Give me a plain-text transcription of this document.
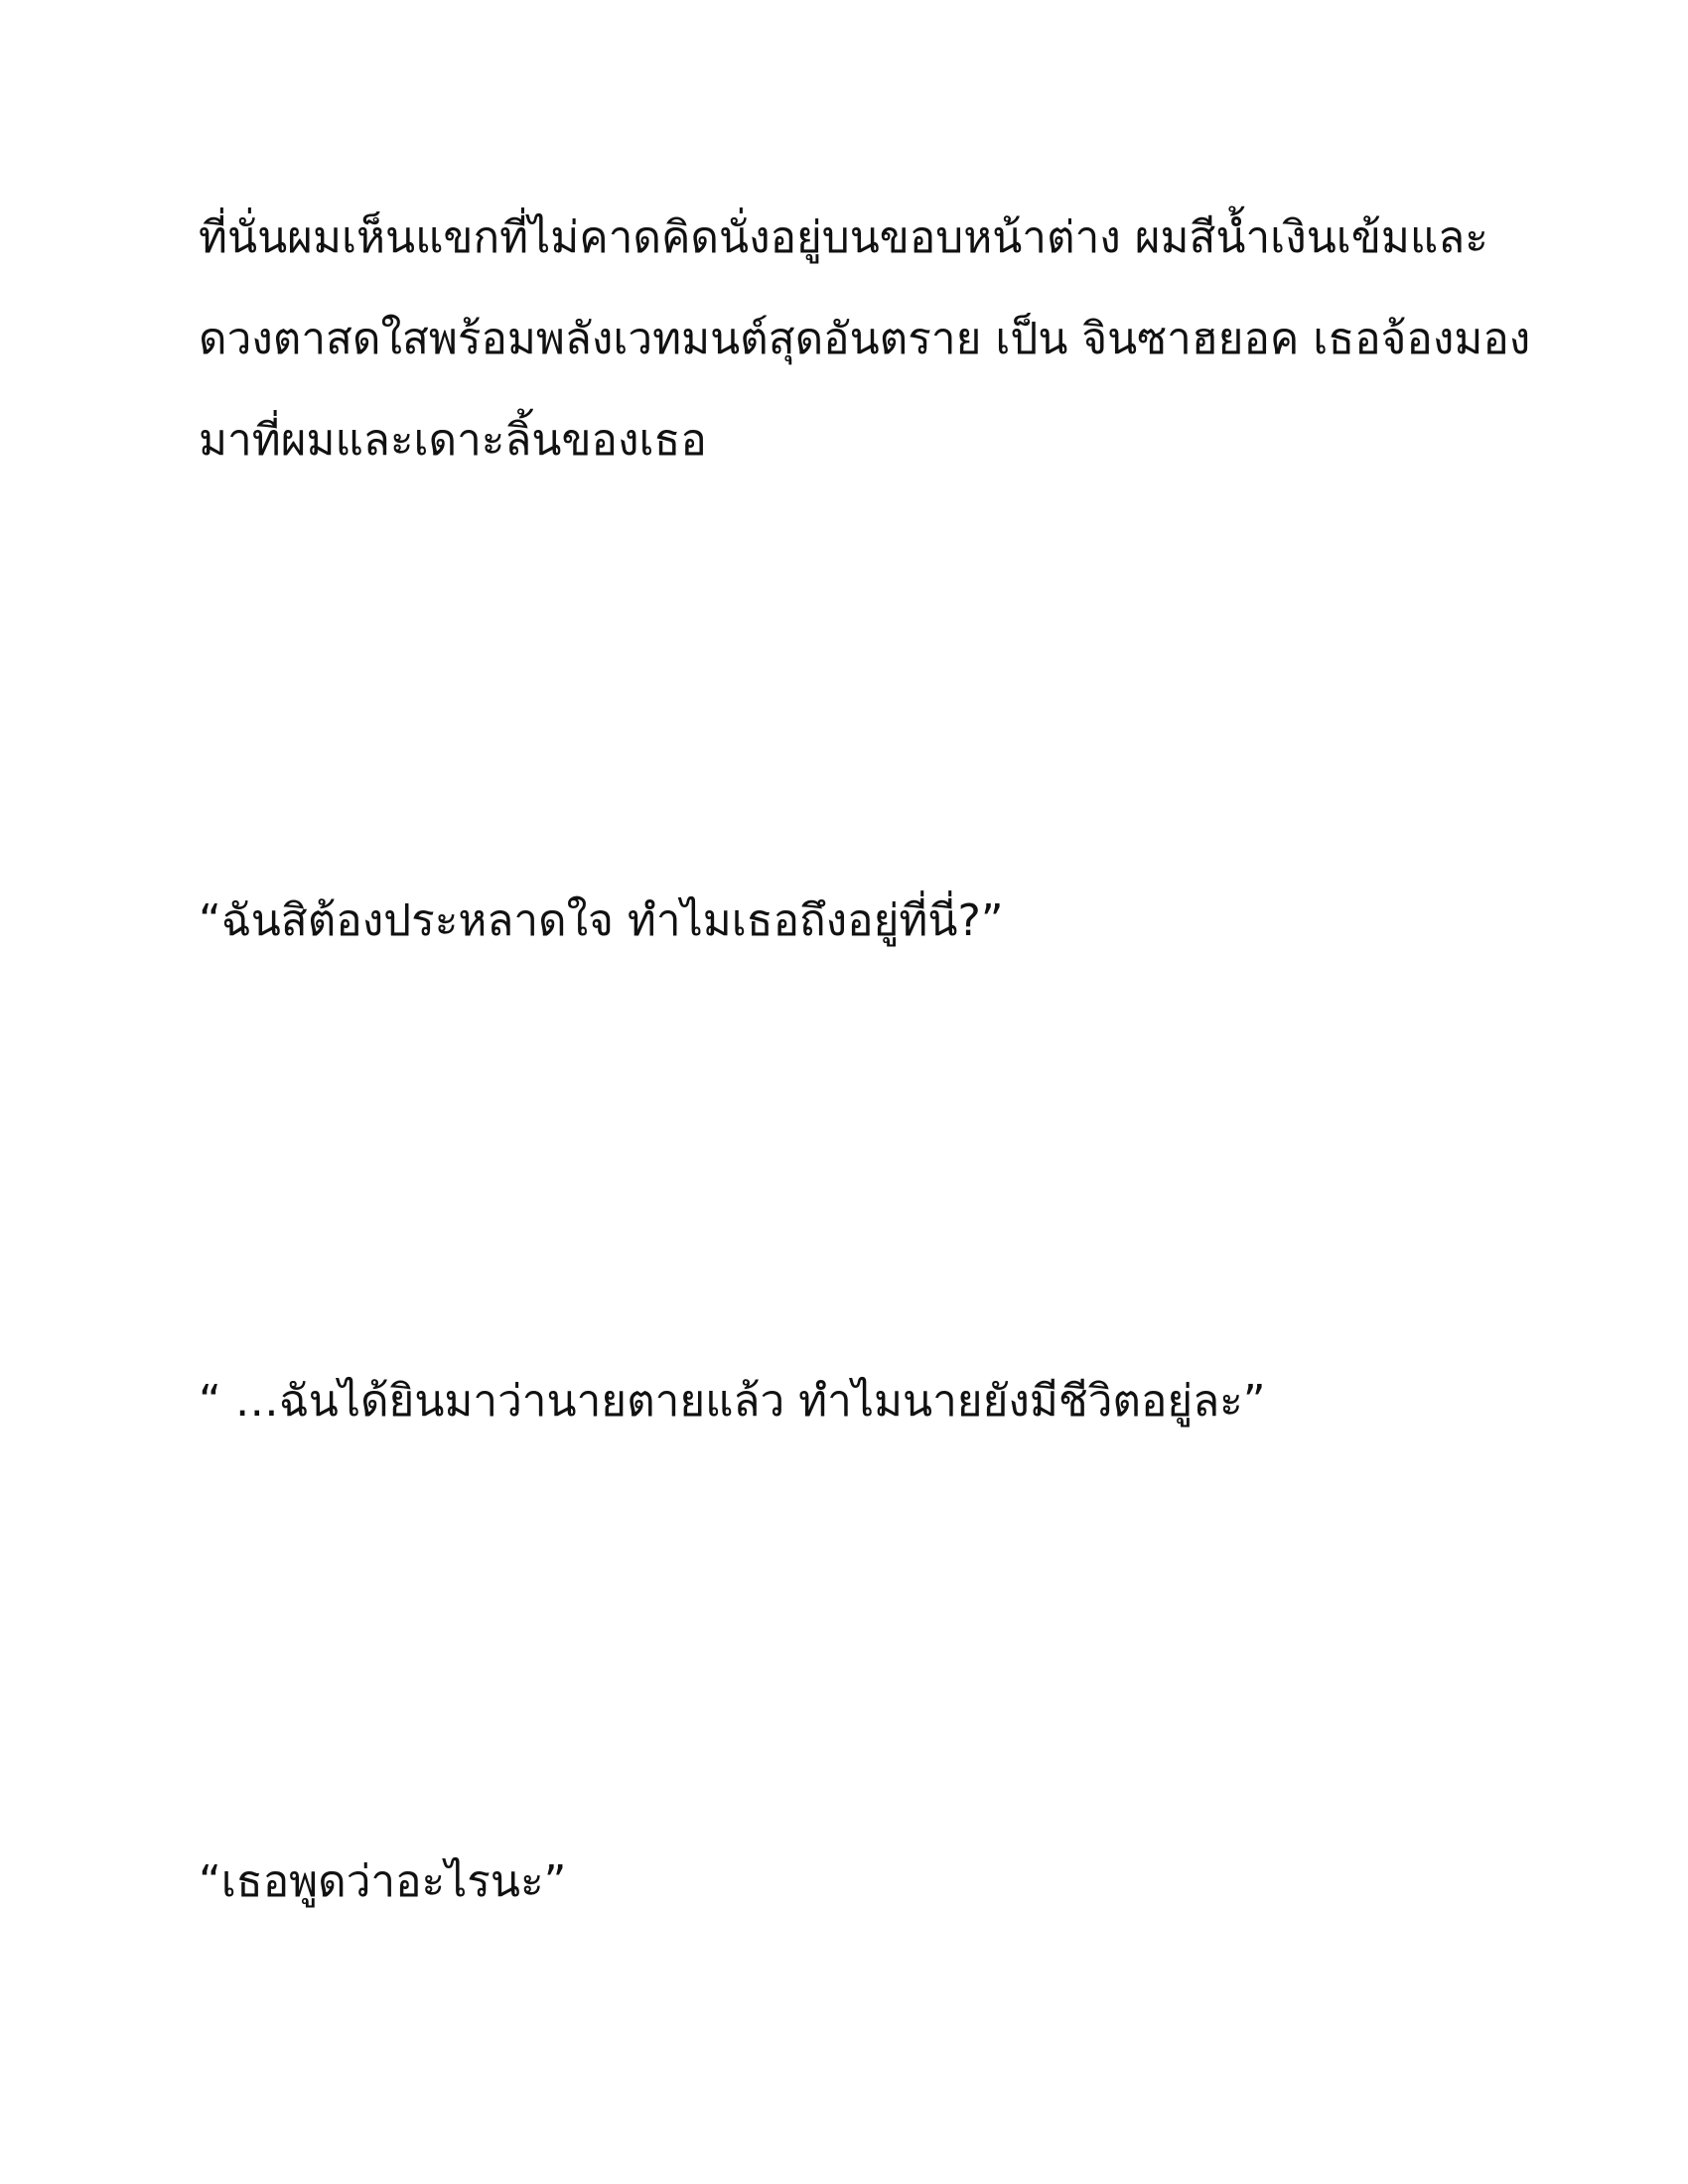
ที่นั่นผมเห็นแขกที่ไม่คาดคิดนั่งอยู่บนขอบหน้าต่าง ผมสีน้ำเงินเข้มและ

ดวงตาสดใสพร้อมพลังเวทมนต์สุดอันตราย เป็น จินซาฮยอค เธอจ้องมอง

มาที่ผมและเดาะลิ้นของเธอ

“ฉันสิต้องประหลาดใจ ทำไมเธอถึงอยู่ที่นี่?”

“ …ฉันได้ยินมาว่านายตายแล้ว ทำไมนายยังมีชีวิตอยู่ละ”

“เธอพูดว่าอะไรนะ”
